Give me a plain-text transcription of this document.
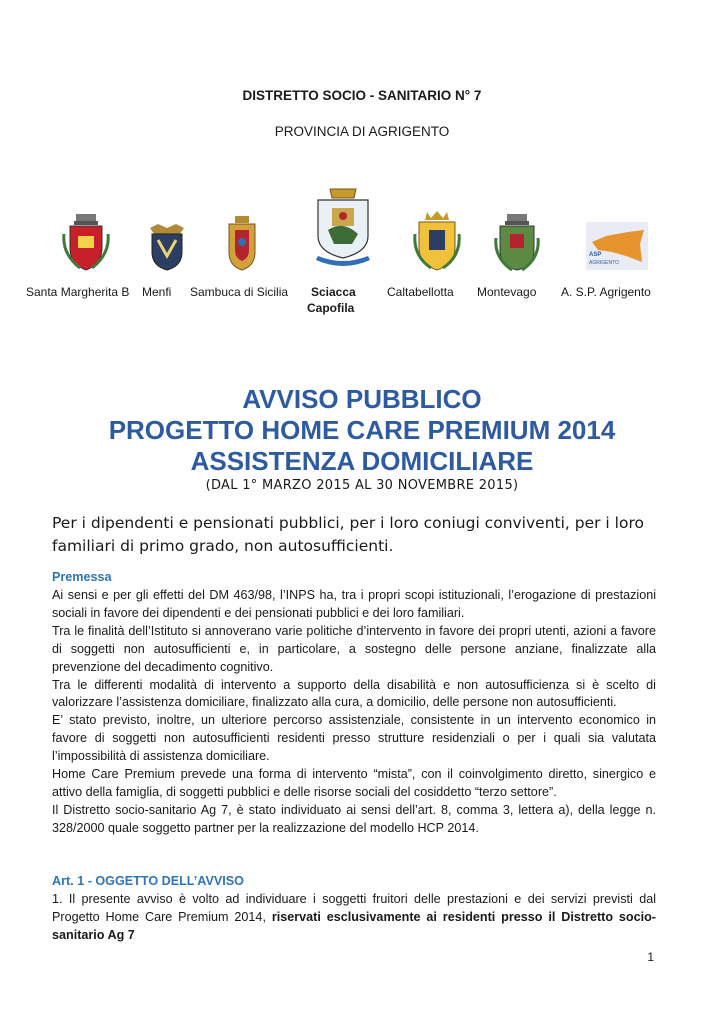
DISTRETTO SOCIO - SANITARIO N° 7
PROVINCIA DI AGRIGENTO
ASP
AGRIGENTO
Santa Margherita B Menfi Sambuca di Sicilia Sciacca
Capofila
Caltabellotta Montevago A. S.P. Agrigento
AVVISO PUBBLICO
PROGETTO HOME CARE PREMIUM 2014
ASSISTENZA DOMICILIARE
(DAL 1° MARZO 2015 AL 30 NOVEMBRE 2015)
Per i dipendenti e pensionati pubblici, per i loro coniugi conviventi, per i loro familiari di primo grado, non autosufficienti.
Premessa

Ai sensi e per gli effetti del DM 463/98, l’INPS ha, tra i propri scopi istituzionali, l’erogazione di prestazioni sociali in favore dei dipendenti e dei pensionati pubblici e dei loro familiari.

Tra le finalità dell’Istituto si annoverano varie politiche d’intervento in favore dei propri utenti, azioni a favore di soggetti non autosufficienti e, in particolare, a sostegno delle persone anziane, finalizzate alla prevenzione del decadimento cognitivo.

Tra le differenti modalità di intervento a supporto della disabilità e non autosufficienza si è scelto di valorizzare l’assistenza domiciliare, finalizzato alla cura, a domicilio, delle persone non autosufficienti.

E’ stato previsto, inoltre, un ulteriore percorso assistenziale, consistente in un intervento economico in favore di soggetti non autosufficienti residenti presso strutture residenziali o per i quali sia valutata l’impossibilità di assistenza domiciliare.

Home Care Premium prevede una forma di intervento “mista”, con il coinvolgimento diretto, sinergico e attivo della famiglia, di soggetti pubblici e delle risorse sociali del cosiddetto “terzo settore”.

Il Distretto socio-sanitario Ag 7, è stato individuato ai sensi dell’art. 8, comma 3, lettera a), della legge n. 328/2000 quale soggetto partner per la realizzazione del modello HCP 2014.

Art. 1 - OGGETTO DELL’AVVISO

1. Il presente avviso è volto ad individuare i soggetti fruitori delle prestazioni e dei servizi previsti dal Progetto Home Care Premium 2014, riservati esclusivamente ai residenti presso il Distretto socio-sanitario Ag 7

1
